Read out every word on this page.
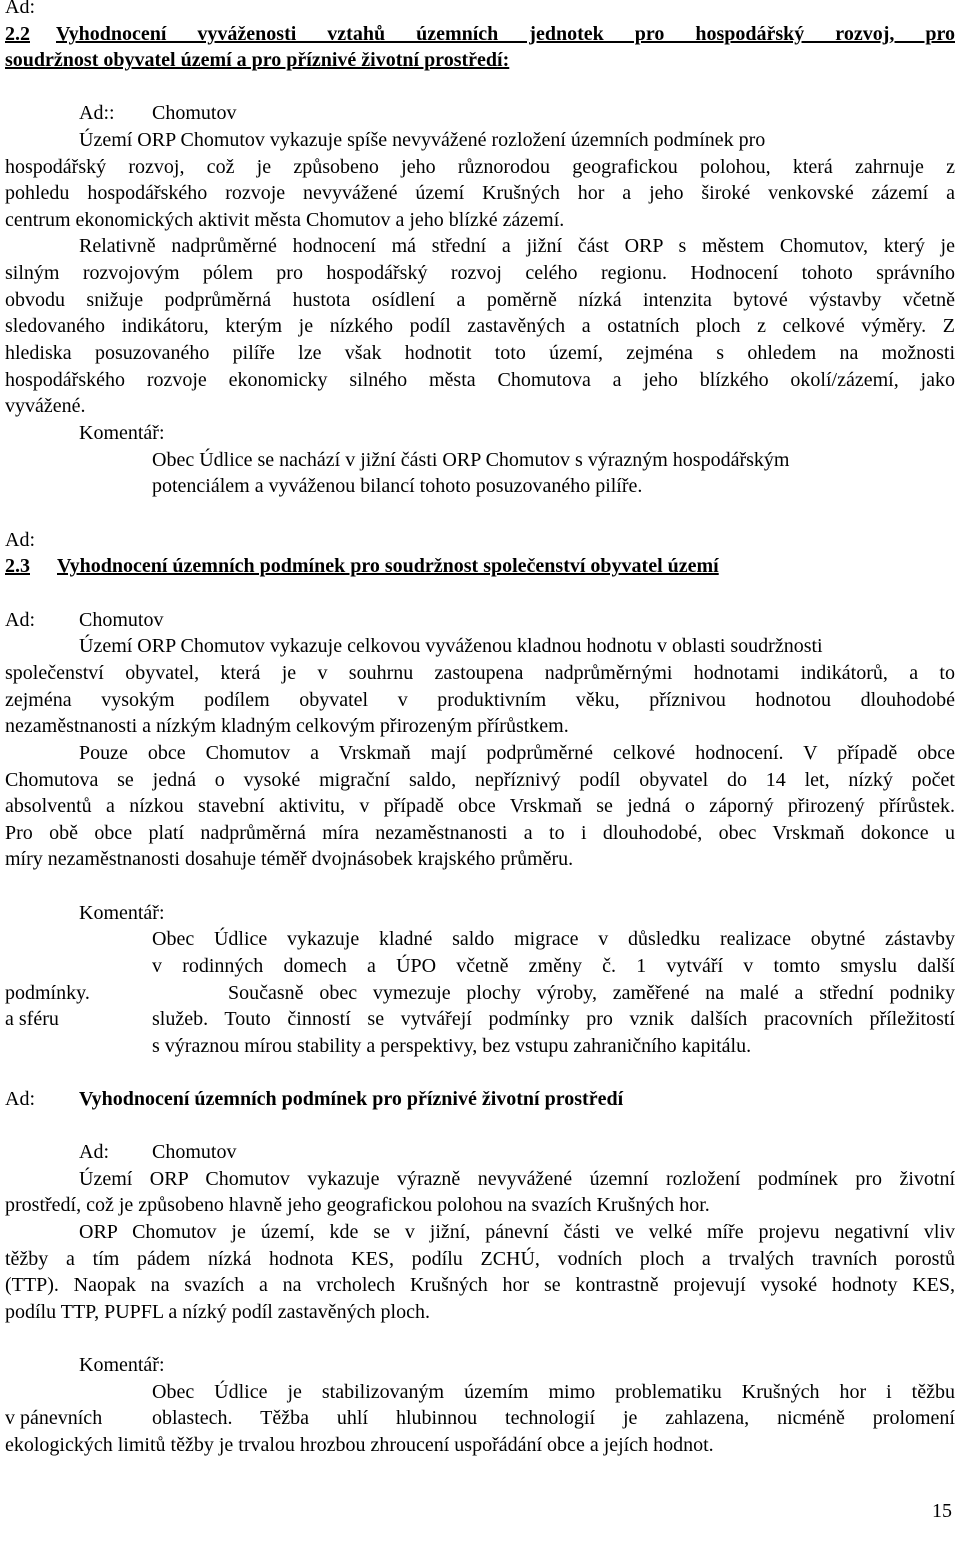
Ad:
2.2 Vyhodnocení vyváženosti vztahů územních jednotek pro hospodářský rozvoj, pro
soudržnost obyvatel území a pro příznivé životní prostředí:
Ad:: Chomutov
Území ORP Chomutov vykazuje spíše nevyvážené rozložení územních podmínek pro
hospodářský rozvoj, což je způsobeno jeho různorodou geografickou polohou, která zahrnuje z
pohledu hospodářského rozvoje nevyvážené území Krušných hor a jeho široké venkovské zázemí a
centrum ekonomických aktivit města Chomutov a jeho blízké zázemí.
Relativně nadprůměrné hodnocení má střední a jižní část ORP s městem Chomutov, který je
silným rozvojovým pólem pro hospodářský rozvoj celého regionu. Hodnocení tohoto správního
obvodu snižuje podprůměrná hustota osídlení a poměrně nízká intenzita bytové výstavby včetně
sledovaného indikátoru, kterým je nízkého podíl zastavěných a ostatních ploch z celkové výměry. Z
hlediska posuzovaného pilíře lze však hodnotit toto území, zejména s ohledem na možnosti
hospodářského rozvoje ekonomicky silného města Chomutova a jeho blízkého okolí/zázemí, jako
vyvážené.
Komentář:
Obec Údlice se nachází v jižní části ORP Chomutov s výrazným hospodářským
potenciálem a vyváženou bilancí tohoto posuzovaného pilíře.
Ad:
2.3 Vyhodnocení územních podmínek pro soudržnost společenství obyvatel území
Ad: Chomutov
Území ORP Chomutov vykazuje celkovou vyváženou kladnou hodnotu v oblasti soudržnosti
společenství obyvatel, která je v souhrnu zastoupena nadprůměrnými hodnotami indikátorů, a to
zejména vysokým podílem obyvatel v produktivním věku, příznivou hodnotou dlouhodobé
nezaměstnanosti a nízkým kladným celkovým přirozeným přírůstkem.
Pouze obce Chomutov a Vrskmaň mají podprůměrné celkové hodnocení. V případě obce
Chomutova se jedná o vysoké migrační saldo, nepříznivý podíl obyvatel do 14 let, nízký počet
absolventů a nízkou stavební aktivitu, v případě obce Vrskmaň se jedná o záporný přirozený přírůstek.
Pro obě obce platí nadprůměrná míra nezaměstnanosti a to i dlouhodobé, obec Vrskmaň dokonce u
míry nezaměstnanosti dosahuje téměř dvojnásobek krajského průměru.
Komentář:
Obec Údlice vykazuje kladné saldo migrace v důsledku realizace obytné zástavby
v rodinných domech a ÚPO včetně změny č. 1 vytváří v tomto smyslu další
podmínky.	Současně obec vymezuje plochy výroby, zaměřené na malé a střední podniky
a sféru	služeb. Touto činností se vytvářejí podmínky pro vznik dalších pracovních příležitostí
s výraznou mírou stability a perspektivy, bez vstupu zahraničního kapitálu.
Ad: Vyhodnocení územních podmínek pro příznivé životní prostředí
Ad: Chomutov
Území ORP Chomutov vykazuje výrazně nevyvážené územní rozložení podmínek pro životní
prostředí, což je způsobeno hlavně jeho geografickou polohou na svazích Krušných hor.
ORP Chomutov je území, kde se v jižní, pánevní části ve velké míře projevu negativní vliv
těžby a tím pádem nízká hodnota KES, podílu ZCHÚ, vodních ploch a trvalých travních porostů
(TTP). Naopak na svazích a na vrcholech Krušných hor se kontrastně projevují vysoké hodnoty KES,
podílu TTP, PUPFL a nízký podíl zastavěných ploch.
Komentář:
Obec Údlice je stabilizovaným územím mimo problematiku Krušných hor i těžbu
v pánevních oblastech. Těžba uhlí hlubinnou technologií je zahlazena, nicméně prolomení
ekologických limitů těžby je trvalou hrozbou zhroucení uspořádání obce a jejích hodnot.
15
